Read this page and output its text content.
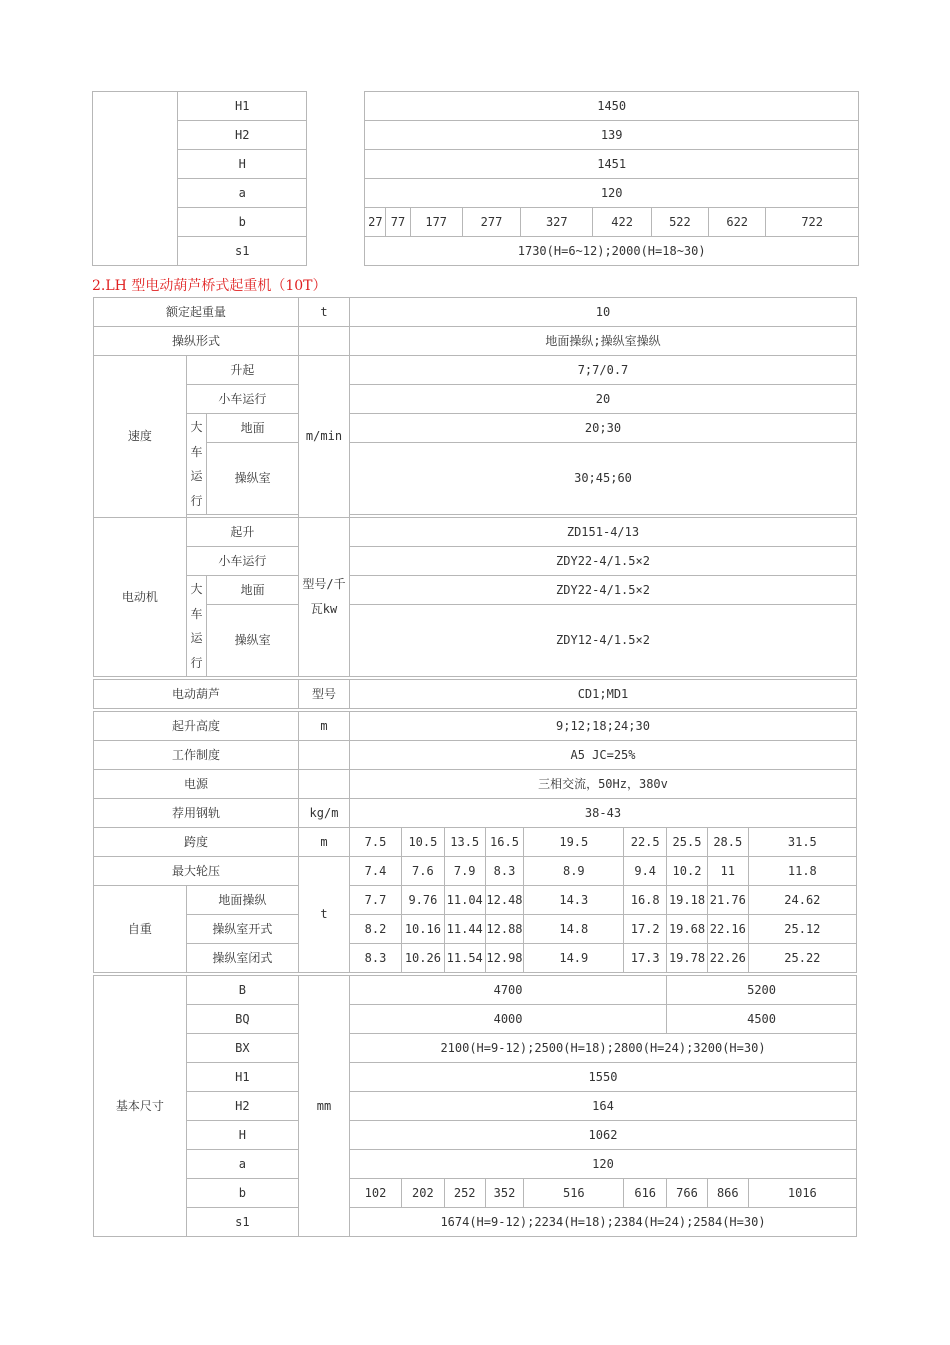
	H1		1450								
	H2		139								
	H		1451								
	a		120								
	b		27	77	177	277	327	422	522	622	722
	s1		1730(H=6~12);2000(H=18~30)								
2.LH 型电动葫芦桥式起重机（10T）
额定起重量			t	10								
操纵形式				地面操纵;操纵室操纵								
速度	升起		m/min	7;7/0.7								
	小车运行			20								
	大车运行	地面		20;30								
		操纵室		30;45;60								

电动机	起升		型号/千瓦kw	ZD151-4/13								
	小车运行			ZDY22-4/1.5×2								
	大车运行	地面		ZDY22-4/1.5×2								
		操纵室		ZDY12-4/1.5×2								

电动葫芦			型号	CD1;MD1								

起升高度			m	9;12;18;24;30								
工作制度				A5 JC=25%								
电源				三相交流，50Hz，380v								
荐用钢轨			kg/m	38-43								
跨度			m	7.5	10.5	13.5	16.5	19.5	22.5	25.5	28.5	31.5
最大轮压			t	7.4	7.6	7.9	8.3	8.9	9.4	10.2	11	11.8
自重	地面操纵			7.7	9.76	11.04	12.48	14.3	16.8	19.18	21.76	24.62
	操纵室开式			8.2	10.16	11.44	12.88	14.8	17.2	19.68	22.16	25.12
	操纵室闭式			8.3	10.26	11.54	12.98	14.9	17.3	19.78	22.26	25.22

基本尺寸	B		mm	4700						5200		
	BQ			4000						4500		
	BX			2100(H=9-12);2500(H=18);2800(H=24);3200(H=30)								
	H1			1550								
	H2			164								
	H			1062								
	a			120								
	b			102	202	252	352	516	616	766	866	1016
	s1			1674(H=9-12);2234(H=18);2384(H=24);2584(H=30)								
